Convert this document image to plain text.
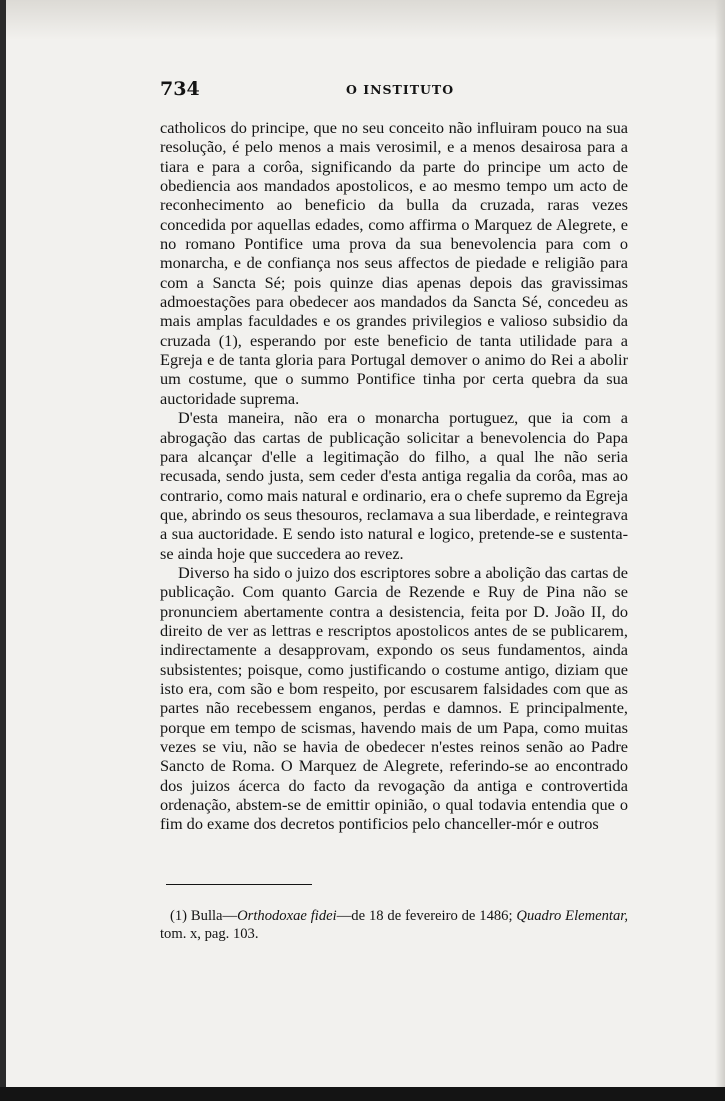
734	O INSTITUTO

catholicos do principe, que no seu conceito não influiram pouco na sua resolução, é pelo menos a mais verosimil, e a menos desairosa para a tiara e para a corôa, significando da parte do principe um acto de obediencia aos mandados apostolicos, e ao mesmo tempo um acto de reconhecimento ao beneficio da bulla da cruzada, raras vezes concedida por aquellas edades, como affirma o Marquez de Alegrete, e no romano Pontifice uma prova da sua benevolencia para com o monarcha, e de confiança nos seus affectos de piedade e religião para com a Sancta Sé; pois quinze dias apenas depois das gravissimas admoestações para obedecer aos mandados da Sancta Sé, concedeu as mais amplas faculdades e os grandes privilegios e valioso subsidio da cruzada (1), esperando por este beneficio de tanta utilidade para a Egreja e de tanta gloria para Portugal demover o animo do Rei a abolir um costume, que o summo Pontifice tinha por certa quebra da sua auctoridade suprema.

D'esta maneira, não era o monarcha portuguez, que ia com a abrogação das cartas de publicação solicitar a benevolencia do Papa para alcançar d'elle a legitimação do filho, a qual lhe não seria recusada, sendo justa, sem ceder d'esta antiga regalia da corôa, mas ao contrario, como mais natural e ordinario, era o chefe supremo da Egreja que, abrindo os seus thesouros, reclamava a sua liberdade, e reintegrava a sua auctoridade. E sendo isto natural e logico, pretende-se e sustenta-se ainda hoje que succedera ao revez.

Diverso ha sido o juizo dos escriptores sobre a abolição das cartas de publicação. Com quanto Garcia de Rezende e Ruy de Pina não se pronunciem abertamente contra a desistencia, feita por D. João II, do direito de ver as lettras e rescriptos apostolicos antes de se publicarem, indirectamente a desapprovam, expondo os seus fundamentos, ainda subsistentes; poisque, como justificando o costume antigo, diziam que isto era, com são e bom respeito, por escusarem falsidades com que as partes não recebessem enganos, perdas e damnos. E principalmente, porque em tempo de scismas, havendo mais de um Papa, como muitas vezes se viu, não se havia de obedecer n'estes reinos senão ao Padre Sancto de Roma. O Marquez de Alegrete, referindo-se ao encontrado dos juizos ácerca do facto da revogação da antiga e controvertida ordenação, abstem-se de emittir opinião, o qual todavia entendia que o fim do exame dos decretos pontificios pelo chanceller-mór e outros

(1) Bulla—Orthodoxae fidei—de 18 de fevereiro de 1486; Quadro Elementar, tom. x, pag. 103.
